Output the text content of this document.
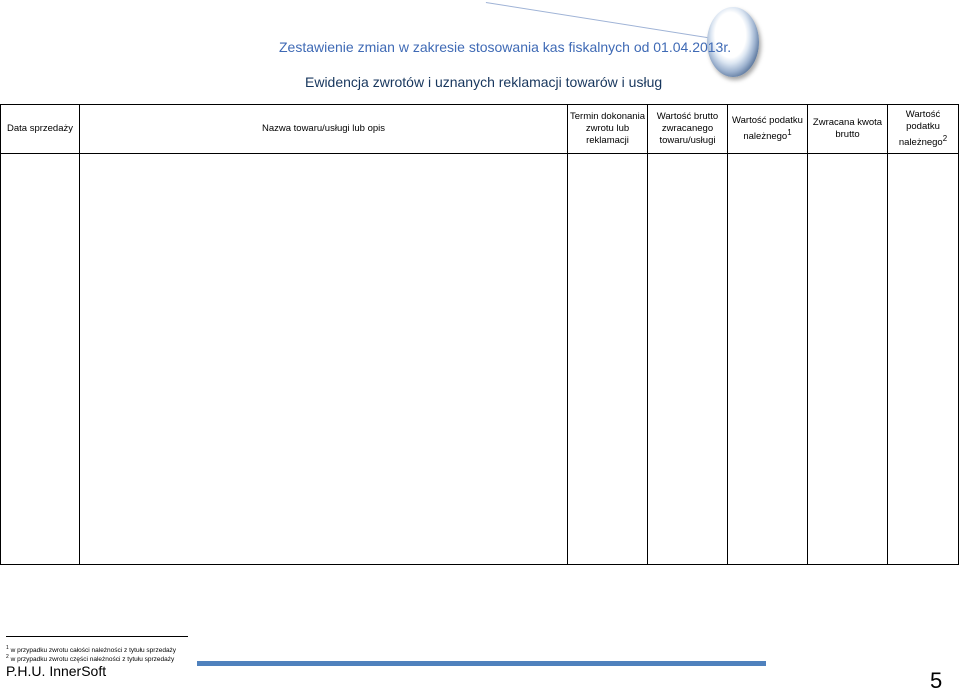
Zestawienie zmian w zakresie stosowania kas fiskalnych od 01.04.2013r.
Ewidencja zwrotów i uznanych reklamacji towarów i usług
Data sprzedaży	Nazwa towaru/usługi lub opis	Termin dokonania zwrotu lub reklamacji	Wartość brutto zwracanego towaru/usługi	Wartość podatku należnego$^1$	Zwracana kwota brutto	Wartość podatku należnego$^2$

$^1$ w przypadku zwrotu całości należności z tytułu sprzedaży
$^2$ w przypadku zwrotu części należności z tytułu sprzedaży
P.H.U. InnerSoft	5
